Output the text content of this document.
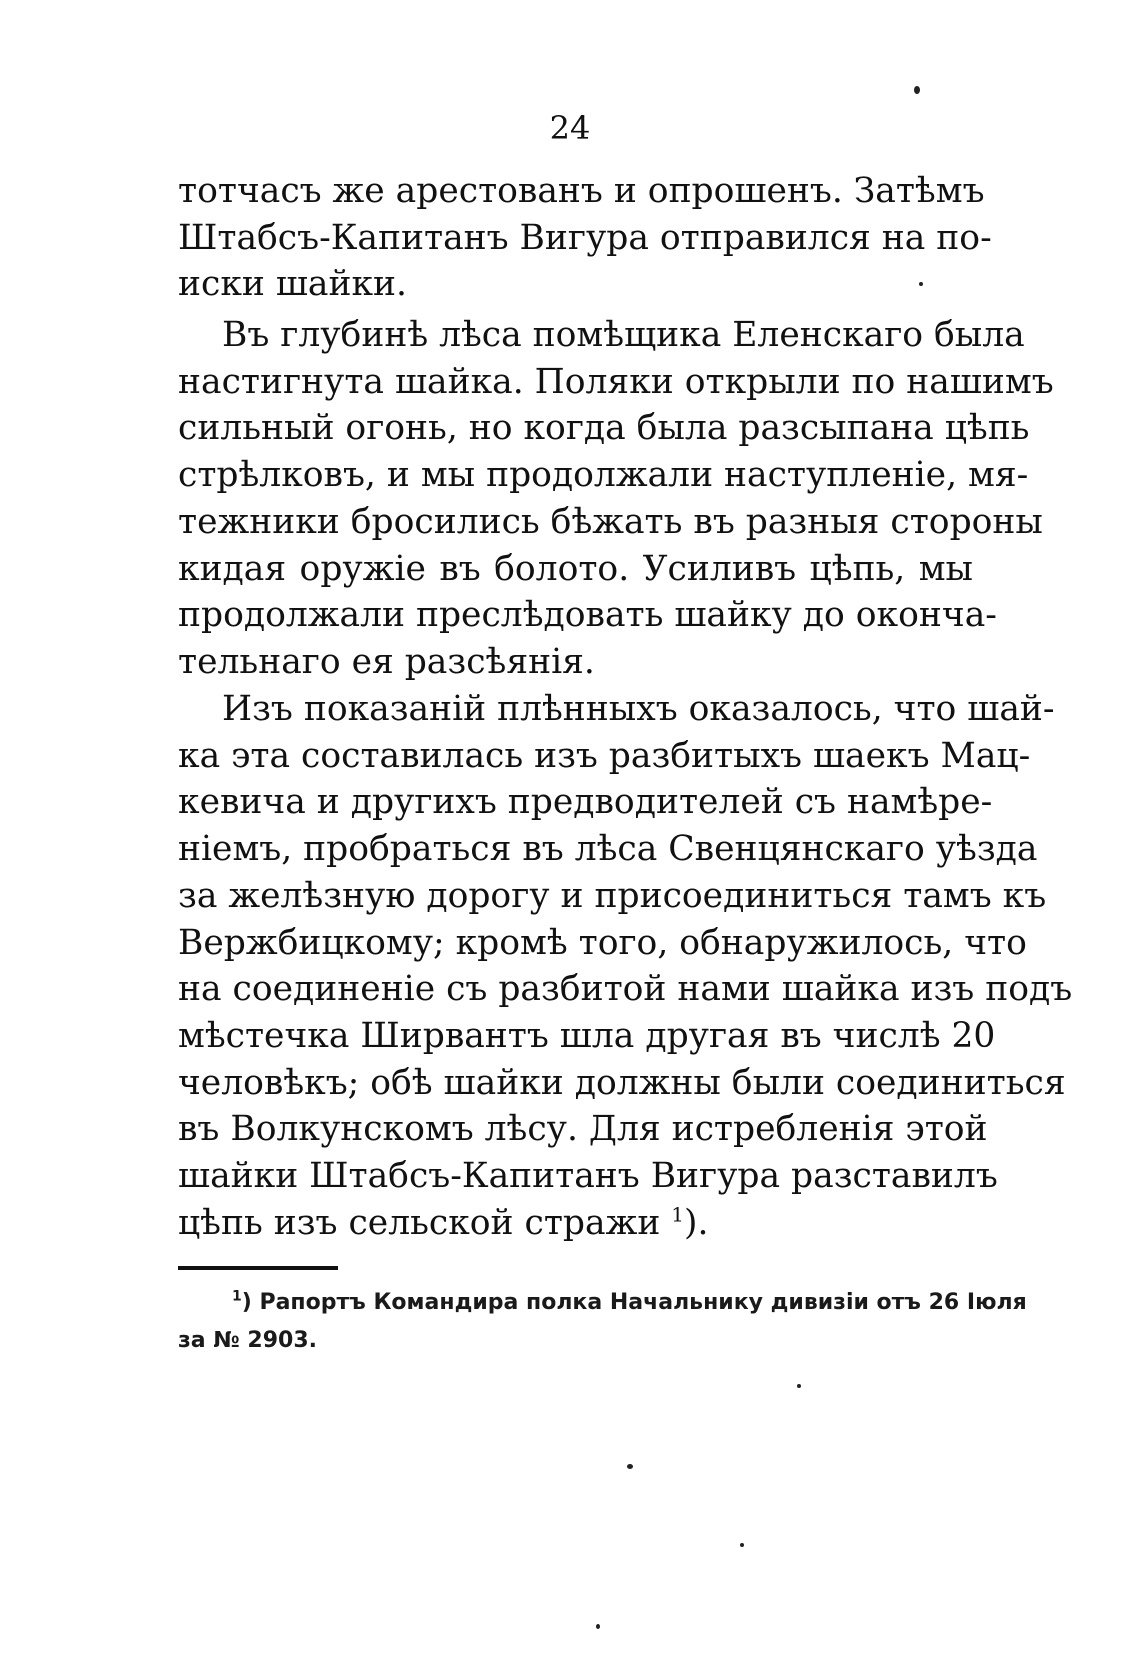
24
тотчасъ же арестованъ и опрошенъ. Затѣмъ
Штабсъ-Капитанъ Вигура отправился на по-
иски шайки.
Въ глубинѣ лѣса помѣщика Еленскаго была
настигнута шайка. Поляки открыли по нашимъ
сильный огонь, но когда была разсыпана цѣпь
стрѣлковъ, и мы продолжали наступленіе, мя-
тежники бросились бѣжать въ разныя стороны
кидая оружіе въ болото. Усиливъ цѣпь, мы
продолжали преслѣдовать шайку до оконча-
тельнаго ея разсѣянія.
Изъ показаній плѣнныхъ оказалось, что шай-
ка эта составилась изъ разбитыхъ шаекъ Мац-
кевича и другихъ предводителей съ намѣре-
ніемъ, пробраться въ лѣса Свенцянскаго уѣзда
за желѣзную дорогу и присоединиться тамъ къ
Вержбицкому; кромѣ того, обнаружилось, что
на соединеніе съ разбитой нами шайка изъ подъ
мѣстечка Ширвантъ шла другая въ числѣ 20
человѣкъ; обѣ шайки должны были соединиться
въ Волкунскомъ лѣсу. Для истребленія этой
шайки Штабсъ-Капитанъ Вигура разставилъ
цѣпь изъ сельской стражи $^1$).
$^1$) Рапортъ Командира полка Начальнику дивизіи отъ 26 Іюля
за № 2903.
